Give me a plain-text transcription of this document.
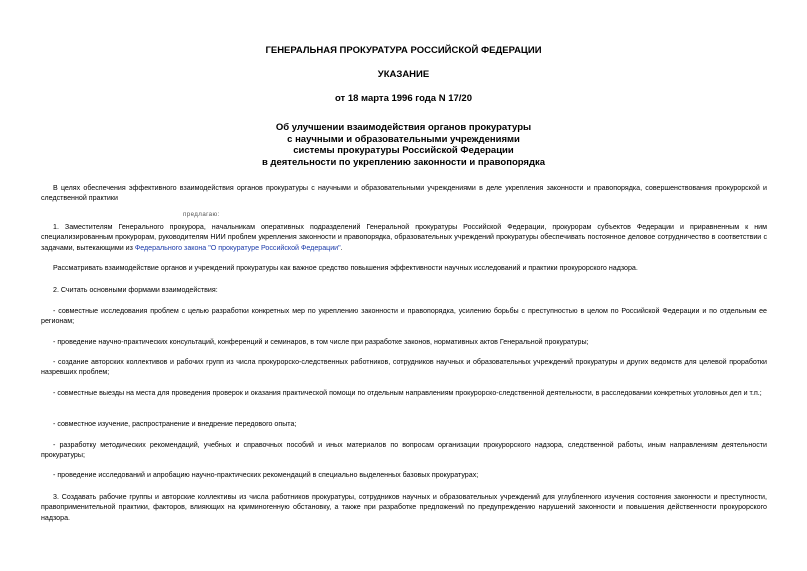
ГЕНЕРАЛЬНАЯ ПРОКУРАТУРА РОССИЙСКОЙ ФЕДЕРАЦИИ

УКАЗАНИЕ

от 18 марта 1996 года N 17/20

Об улучшении взаимодействия органов прокуратуры
с научными и образовательными учреждениями
системы прокуратуры Российской Федерации
в деятельности по укреплению законности и правопорядка

В целях обеспечения эффективного взаимодействия органов прокуратуры с научными и образовательными учреждениями в деле укрепления законности и правопорядка, совершенствования прокурорской и следственной практики

предлагаю:

1. Заместителям Генерального прокурора, начальникам оперативных подразделений Генеральной прокуратуры Российской Федерации, прокурорам субъектов Федерации и приравненным к ним специализированным прокурорам, руководителям НИИ проблем укрепления законности и правопорядка, образовательных учреждений прокуратуры обеспечивать постоянное деловое сотрудничество в соответствии с задачами, вытекающими из Федерального закона "О прокуратуре Российской Федерации".

Рассматривать взаимодействие органов и учреждений прокуратуры как важное средство повышения эффективности научных исследований и практики прокурорского надзора.

2. Считать основными формами взаимодействия:

- совместные исследования проблем с целью разработки конкретных мер по укреплению законности и правопорядка, усилению борьбы с преступностью в целом по Российской Федерации и по отдельным ее регионам;

- проведение научно-практических консультаций, конференций и семинаров, в том числе при разработке законов, нормативных актов Генеральной прокуратуры;

- создание авторских коллективов и рабочих групп из числа прокурорско-следственных работников, сотрудников научных и образовательных учреждений прокуратуры и других ведомств для целевой проработки назревших проблем;

- совместные выезды на места для проведения проверок и оказания практической помощи по отдельным направлениям прокурорско-следственной деятельности, в расследовании конкретных уголовных дел и т.п.;

- совместное изучение, распространение и внедрение передового опыта;

- разработку методических рекомендаций, учебных и справочных пособий и иных материалов по вопросам организации прокурорского надзора, следственной работы, иным направлениям деятельности прокуратуры;

- проведение исследований и апробацию научно-практических рекомендаций в специально выделенных базовых прокуратурах;

3. Создавать рабочие группы и авторские коллективы из числа работников прокуратуры, сотрудников научных и образовательных учреждений для углубленного изучения состояния законности и преступности, правоприменительной практики, факторов, влияющих на криминогенную обстановку, а также при разработке предложений по предупреждению нарушений законности и повышения действенности прокурорского надзора.
